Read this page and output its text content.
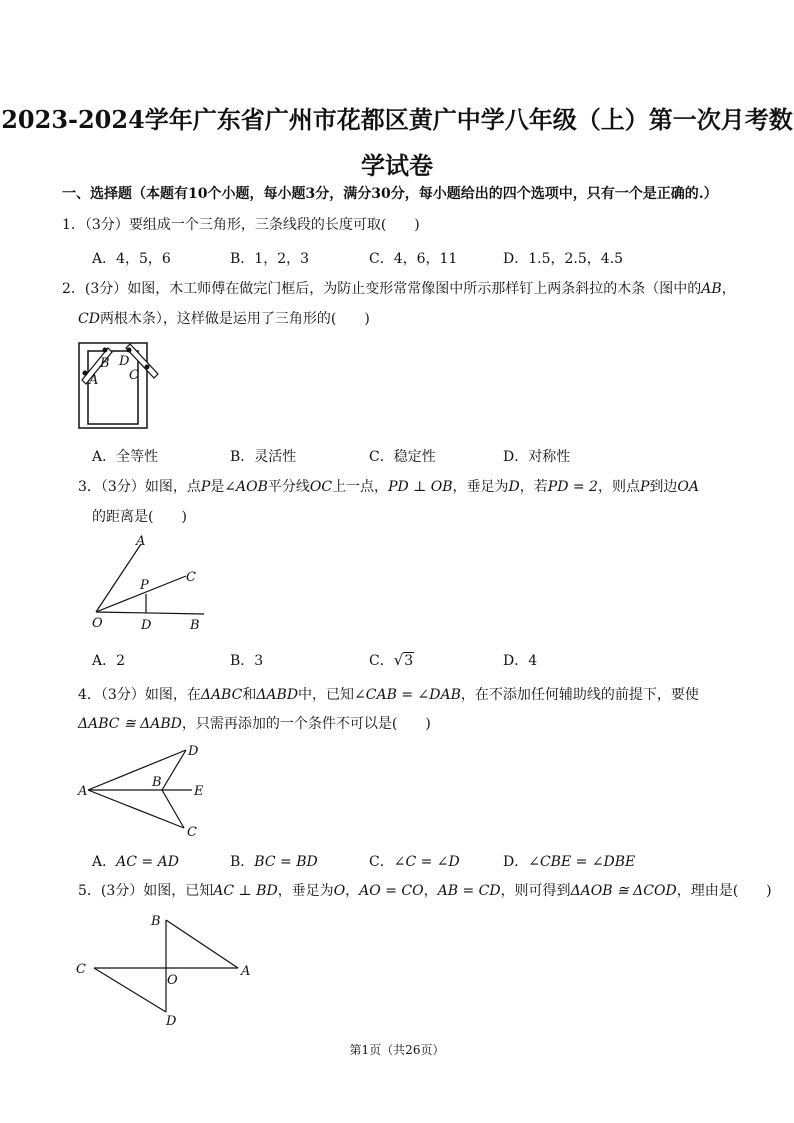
2023-2024学年广东省广州市花都区黄广中学八年级（上）第一次月考数
学试卷
一、选择题（本题有10个小题，每小题3分，满分30分，每小题给出的四个选项中，只有一个是正确的.）
1．（3分）要组成一个三角形，三条线段的长度可取(　　)
A．4，5，6	B．1，2，3	C．4，6，11	D．1.5，2.5，4.5
2．(3分）如图，木工师傅在做完门框后，为防止变形常常像图中所示那样钉上两条斜拉的木条（图中的AB，
CD两根木条），这样做是运用了三角形的(　　)
B D
A C
A．全等性	B．灵活性	C．稳定性	D．对称性
3．（3分）如图，点P是∠AOB平分线OC上一点，PD ⊥ OB，垂足为D，若PD = 2，则点P到边OA
的距离是(　　)
A
C
P
O	D	B
A．2	B．3	C．√3	D．4
4．（3分）如图，在ΔABC和ΔABD中，已知∠CAB = ∠DAB，在不添加任何辅助线的前提下，要使
ΔABC ≅ ΔABD，只需再添加的一个条件不可以是(　　)
D
A
B
E
C
A．AC = AD	B．BC = BD	C．∠C = ∠D	D．∠CBE = ∠DBE
5．(3分）如图，已知AC ⊥ BD，垂足为O，AO = CO，AB = CD，则可得到ΔAOB ≅ ΔCOD，理由是(　　)
B
C
O
A
D
第1页（共26页）
